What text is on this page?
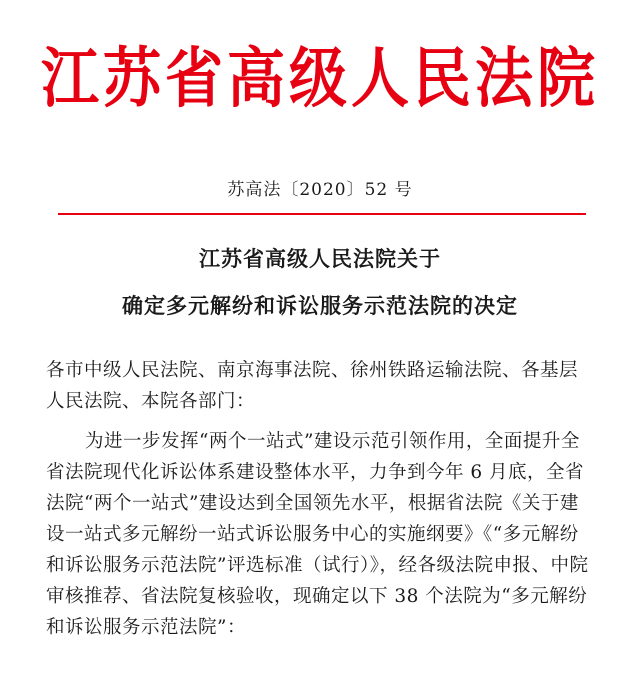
江苏省高级人民法院
苏高法〔2020〕52 号
江苏省高级人民法院关于
确定多元解纷和诉讼服务示范法院的决定
各市中级人民法院、南京海事法院、徐州铁路运输法院、各基层
人民法院、本院各部门：
为进一步发挥“两个一站式”建设示范引领作用，全面提升全
省法院现代化诉讼体系建设整体水平，力争到今年 6 月底，全省
法院“两个一站式”建设达到全国领先水平，根据省法院《关于建
设一站式多元解纷一站式诉讼服务中心的实施纲要》《“多元解纷
和诉讼服务示范法院”评选标准（试行）》，经各级法院申报、中院
审核推荐、省法院复核验收，现确定以下 38 个法院为“多元解纷
和诉讼服务示范法院”：
